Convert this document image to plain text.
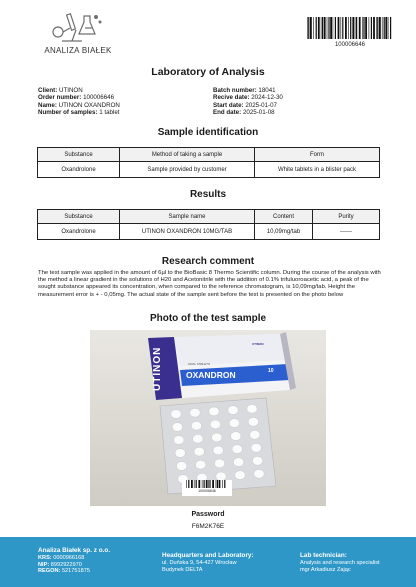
ANALIZA BIAŁEK
100006646
Laboratory of Analysis
Client: UTINON
Order number: 100006646
Name: UTINON OXANDRON
Number of samples: 1 tablet
Batch number: 18041
Recive date: 2024-12-30
Start date: 2025-01-07
End date: 2025-01-08
Sample identification
Substance	Method of taking a sample	Form
Oxandrolone	Sample provided by customer	White tablets in a blister pack
Results
Substance	Sample name	Content	Purity
Oxandrolone	UTINON OXANDRON 10MG/TAB	10,09mg/tab	------
Research comment

The test sample was applied in the amount of 6µl to the BioBasic 8 Thermo Scientific column. During the course of the analysis with the method a linear gradient in the solutions of H20 and Acetonitrile with the addition of 0.1% trifuluoroacetic acid, a peak of the sought substance appeared its concentration, when compared to the reference chromatogram, is 10,09mg/tab. Height the measurement error is + - 0,05mg. The actual state of the sample sent before the test is presented on the photo below

Photo of the test sample
UTINON	OXANDRON	10
ORAL TABLETS
UTINON
100006646
Password
F6M2K76E
Analiza Białek sp. z o.o.
KRS: 0000966168
NIP: 8992922970
REGON: 521751875
Headquarters and Laboratory:
ul. Duńska 9, 54-427 Wrocław
Budynek DELTA
Lab technician:
Analysis and research specialist
mgr Arkadiusz Zając
